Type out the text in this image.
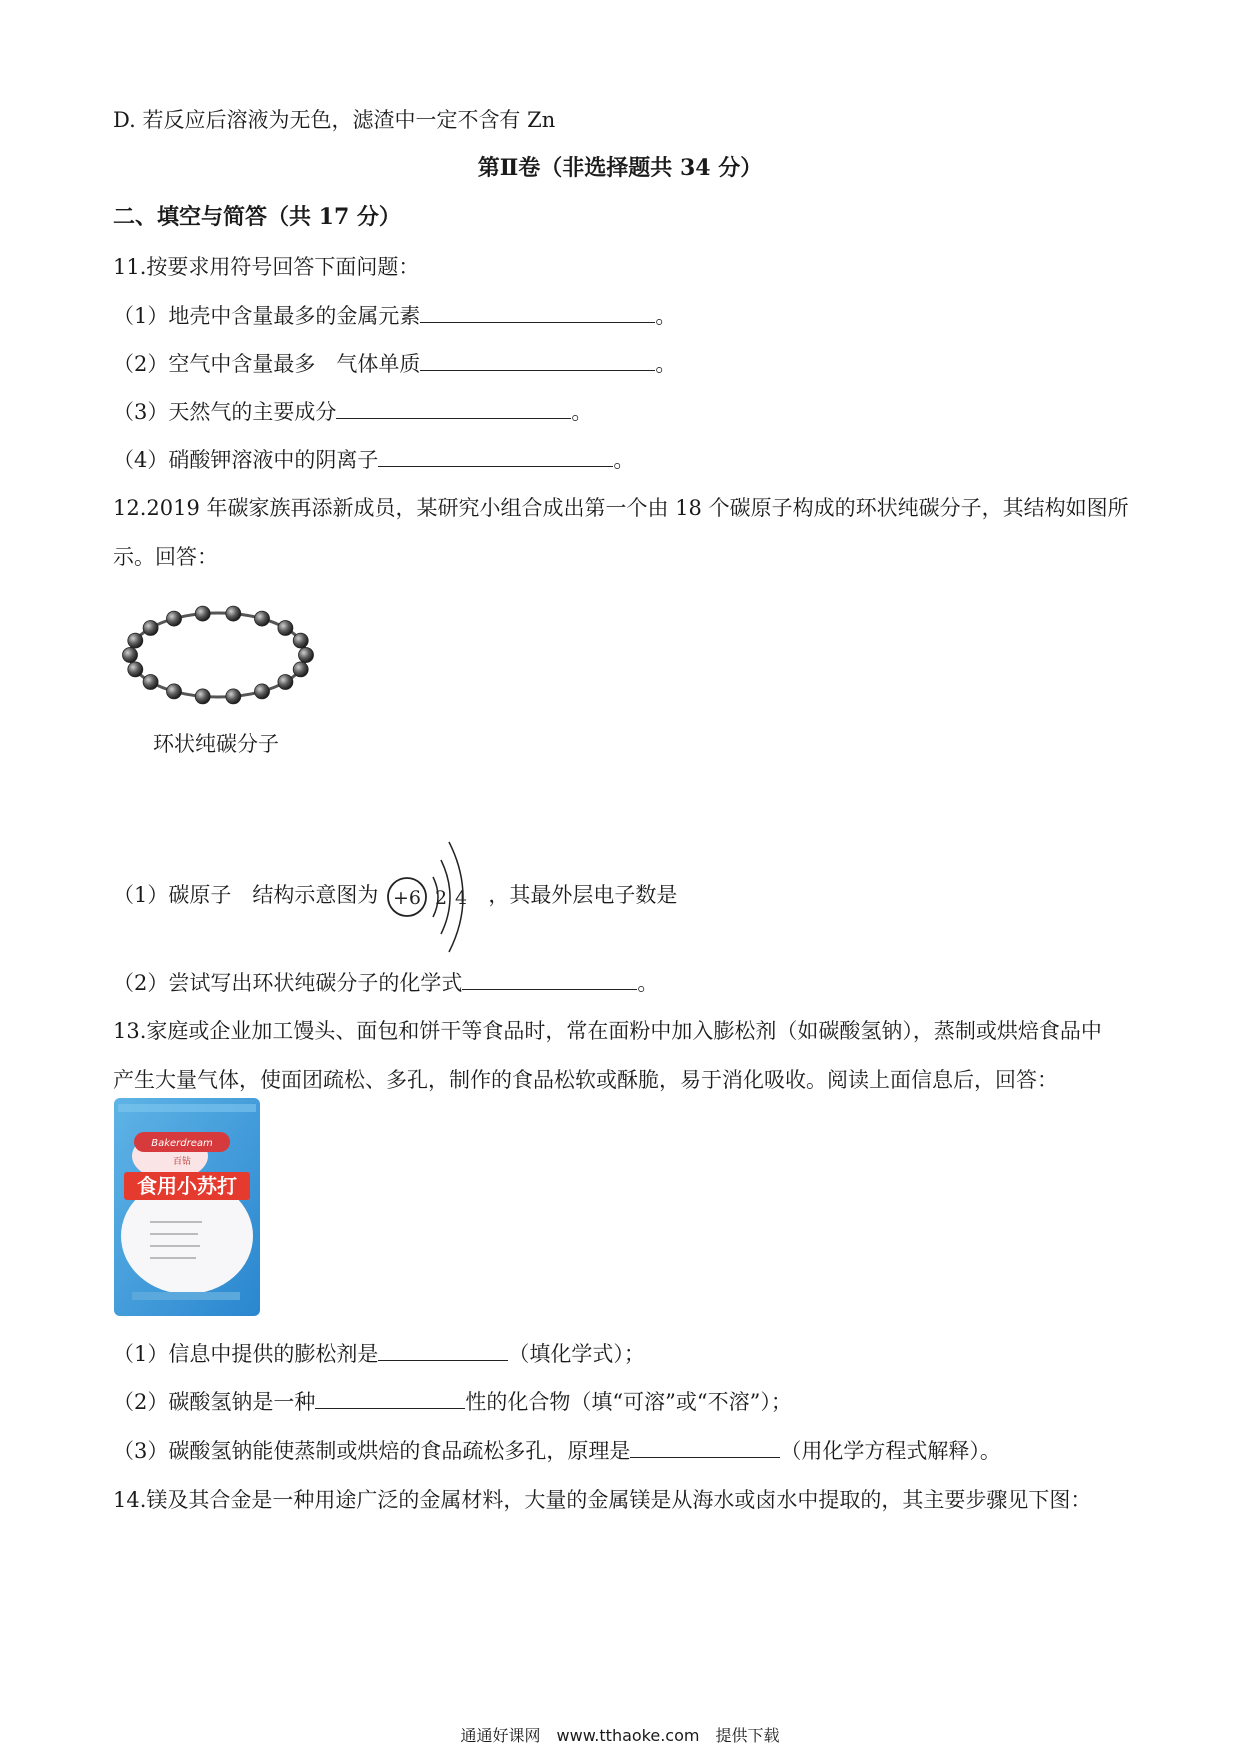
D. 若反应后溶液为无色，滤渣中一定不含有 Zn
第Ⅱ卷（非选择题共 34 分）
二、填空与简答（共 17 分）
11.按要求用符号回答下面问题：
（1）地壳中含量最多的金属元素	。
（2）空气中含量最多　气体单质	。
（3）天然气的主要成分	。
（4）硝酸钾溶液中的阴离子	。
12.2019 年碳家族再添新成员，某研究小组合成出第一个由 18 个碳原子构成的环状纯碳分子，其结构如图所
示。回答：
环状纯碳分子
（1）碳原子　结构示意图为	，其最外层电子数是
+6 2 4
（2）尝试写出环状纯碳分子的化学式	。
13.家庭或企业加工馒头、面包和饼干等食品时，常在面粉中加入膨松剂（如碳酸氢钠），蒸制或烘焙食品中
产生大量气体，使面团疏松、多孔，制作的食品松软或酥脆，易于消化吸收。阅读上面信息后，回答：
Bakerdream
百钻
食用小苏打
（1）信息中提供的膨松剂是	（填化学式）；
（2）碳酸氢钠是一种	性的化合物（填“可溶”或“不溶”）；
（3）碳酸氢钠能使蒸制或烘焙的食品疏松多孔，原理是	（用化学方程式解释）。
14.镁及其合金是一种用途广泛的金属材料，大量的金属镁是从海水或卤水中提取的，其主要步骤见下图：
通通好课网　www.tthaoke.com　提供下载
